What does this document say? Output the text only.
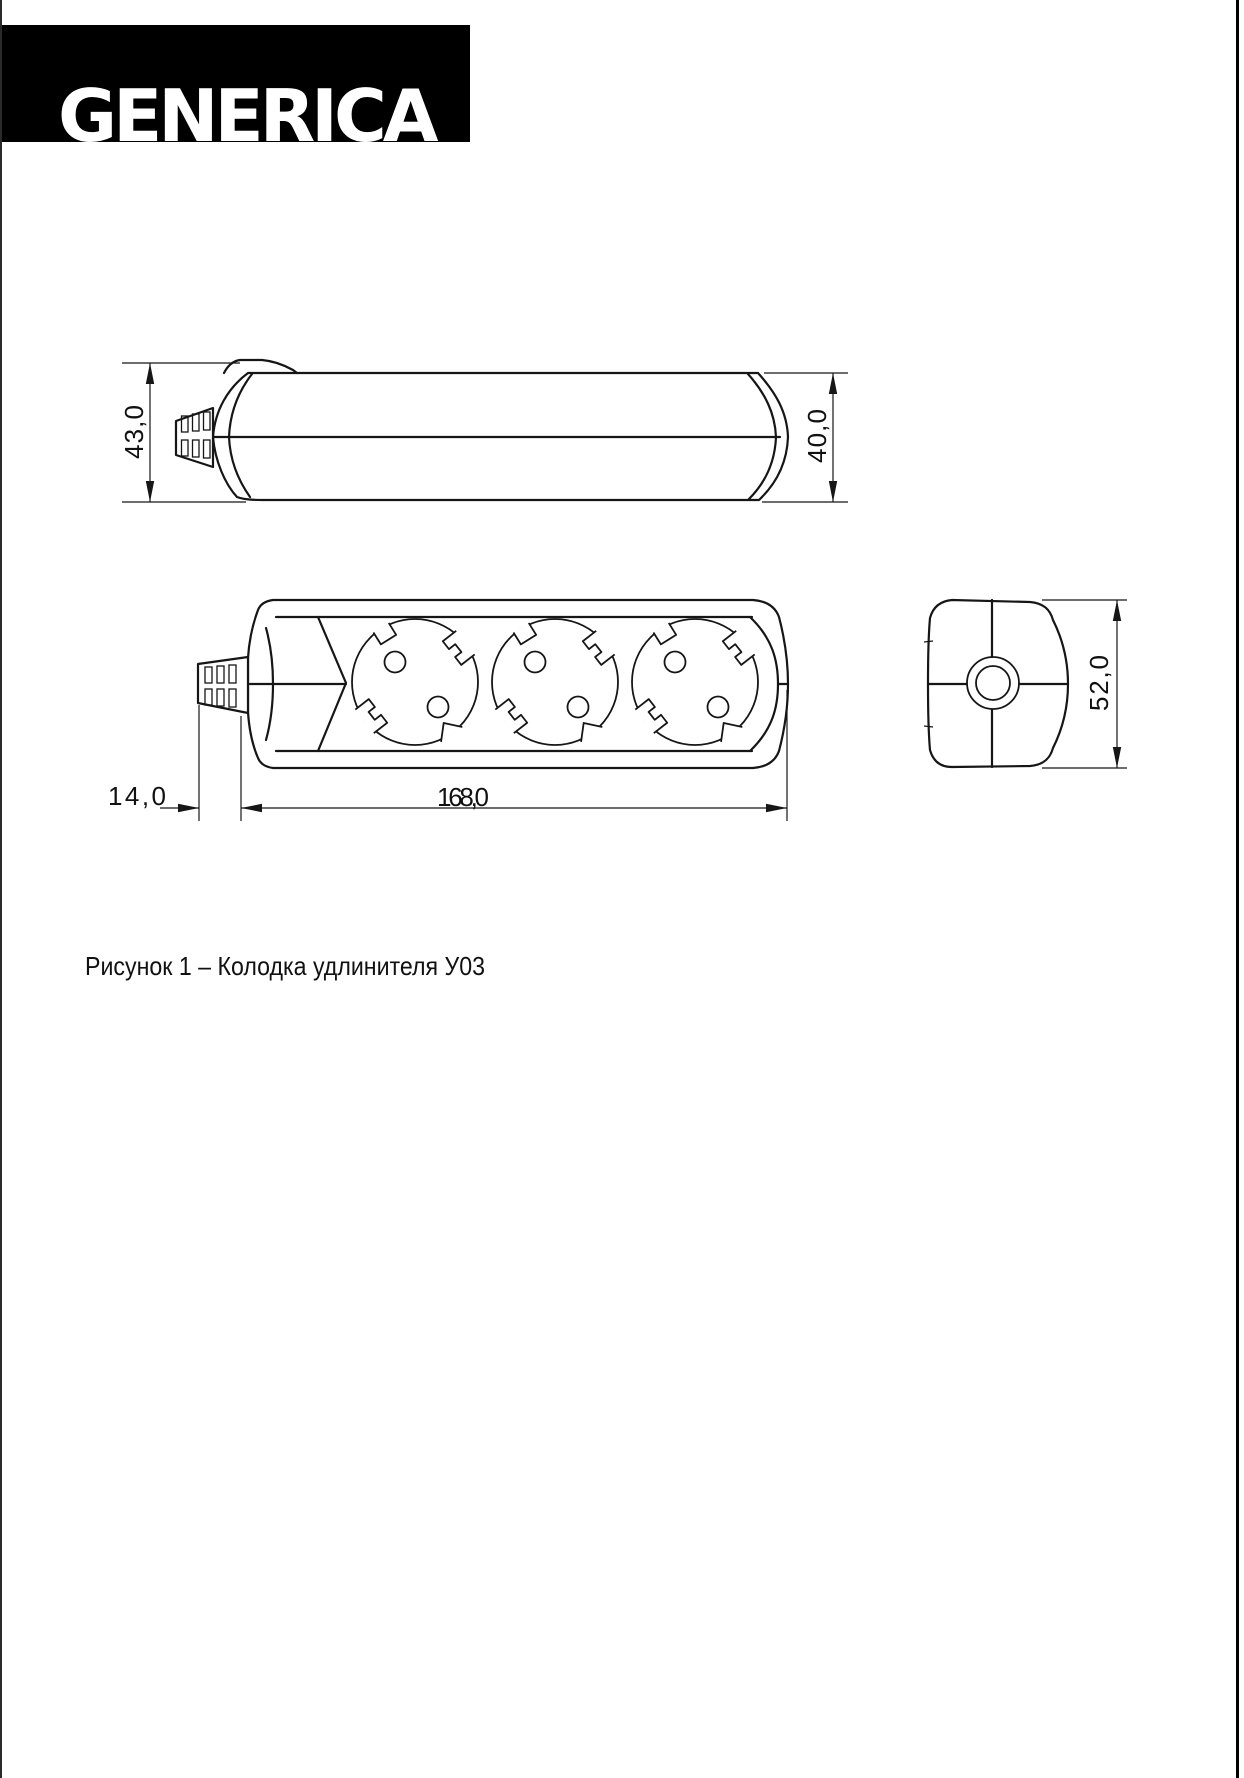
GENERICA
43,0
40,0
14,0	168,0
52,0
Рисунок 1 – Колодка удлинителя У03
